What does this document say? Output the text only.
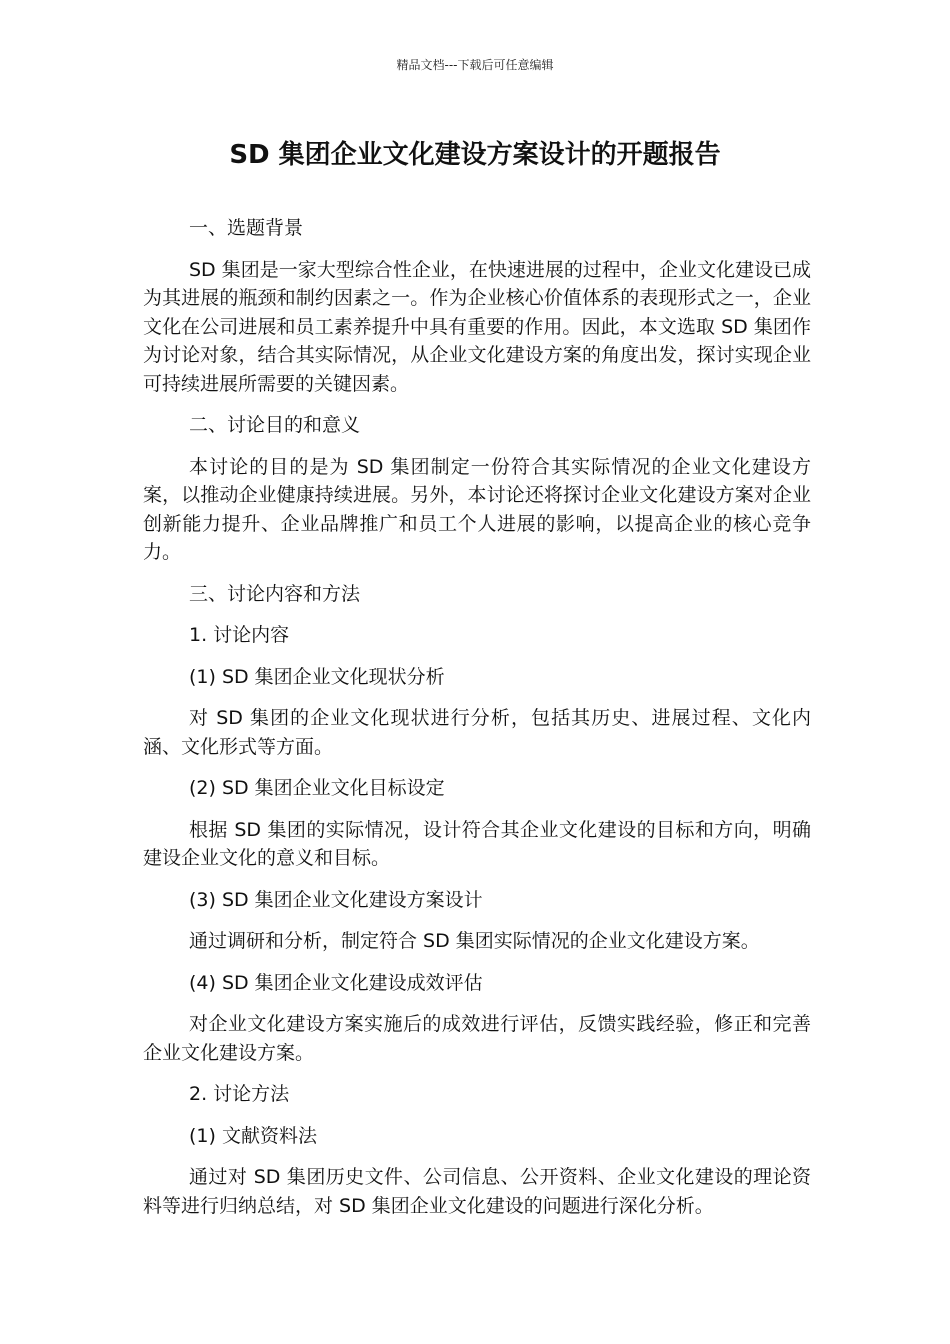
精品文档---下载后可任意编辑
SD 集团企业文化建设方案设计的开题报告

一、选题背景

SD 集团是一家大型综合性企业，在快速进展的过程中，企业文化建设已成为其进展的瓶颈和制约因素之一。作为企业核心价值体系的表现形式之一，企业文化在公司进展和员工素养提升中具有重要的作用。因此，本文选取 SD 集团作为讨论对象，结合其实际情况，从企业文化建设方案的角度出发，探讨实现企业可持续进展所需要的关键因素。

二、讨论目的和意义

本讨论的目的是为 SD 集团制定一份符合其实际情况的企业文化建设方案，以推动企业健康持续进展。另外，本讨论还将探讨企业文化建设方案对企业创新能力提升、企业品牌推广和员工个人进展的影响，以提高企业的核心竞争力。

三、讨论内容和方法

1. 讨论内容

(1) SD 集团企业文化现状分析

对 SD 集团的企业文化现状进行分析，包括其历史、进展过程、文化内涵、文化形式等方面。

(2) SD 集团企业文化目标设定

根据 SD 集团的实际情况，设计符合其企业文化建设的目标和方向，明确建设企业文化的意义和目标。

(3) SD 集团企业文化建设方案设计

通过调研和分析，制定符合 SD 集团实际情况的企业文化建设方案。

(4) SD 集团企业文化建设成效评估

对企业文化建设方案实施后的成效进行评估，反馈实践经验，修正和完善企业文化建设方案。

2. 讨论方法

(1) 文献资料法

通过对 SD 集团历史文件、公司信息、公开资料、企业文化建设的理论资料等进行归纳总结，对 SD 集团企业文化建设的问题进行深化分析。
